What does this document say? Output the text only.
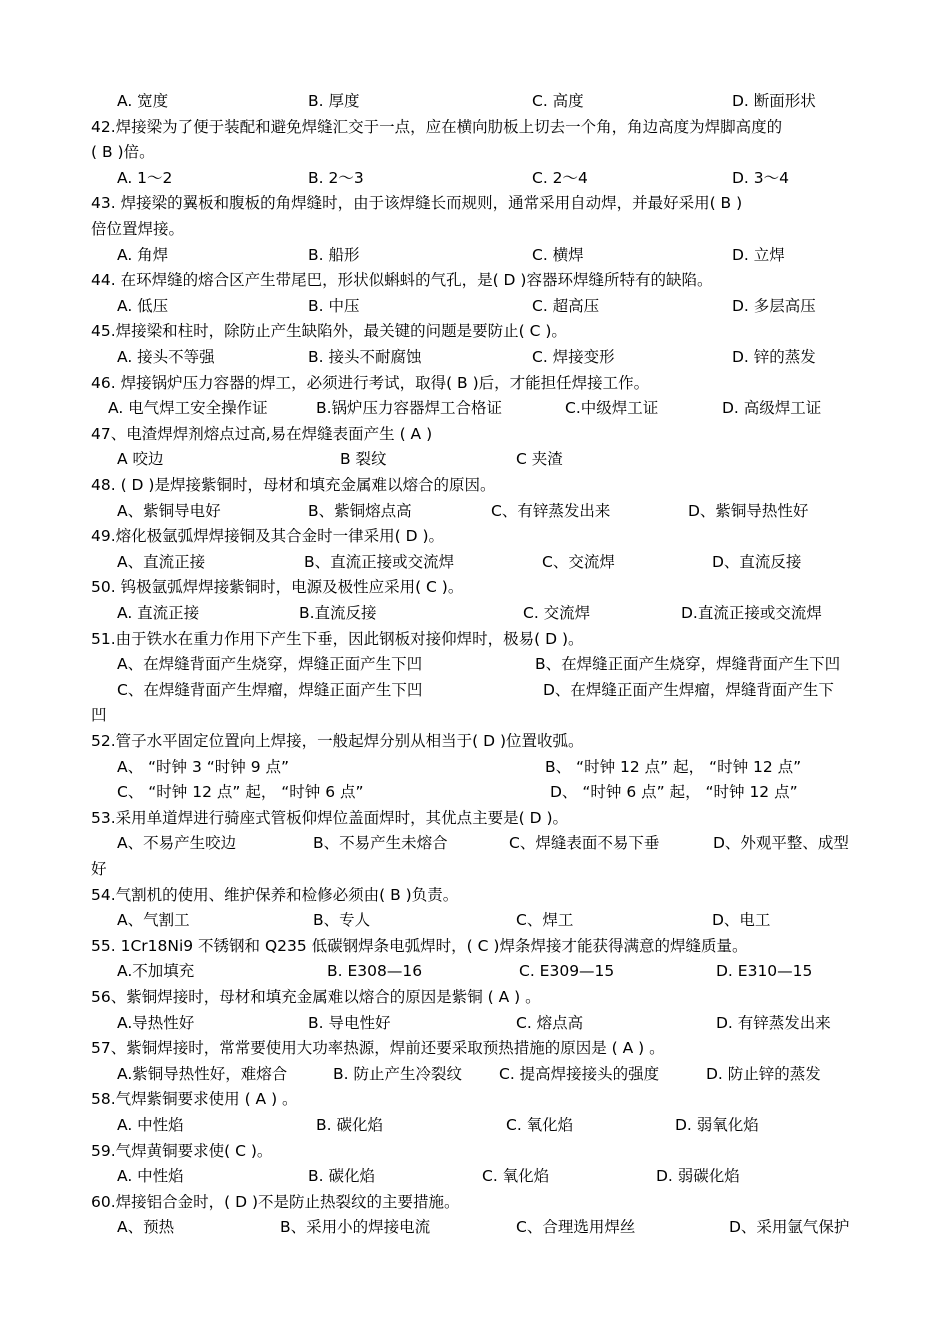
A. 宽度	B. 厚度	C. 高度	D. 断面形状
42.焊接梁为了便于装配和避免焊缝汇交于一点，应在横向肋板上切去一个角，角边高度为焊脚高度的
( B )倍。
A. 1～2	B. 2～3	C. 2～4	D. 3～4
43. 焊接梁的翼板和腹板的角焊缝时，由于该焊缝长而规则，通常采用自动焊，并最好采用( B )
倍位置焊接。
A. 角焊	B. 船形	C. 横焊	D. 立焊
44. 在环焊缝的熔合区产生带尾巴，形状似蝌蚪的气孔，是( D )容器环焊缝所特有的缺陷。
A. 低压	B. 中压	C. 超高压	D. 多层高压
45.焊接梁和柱时，除防止产生缺陷外，最关键的问题是要防止( C )。
A. 接头不等强	B. 接头不耐腐蚀	C. 焊接变形	D. 锌的蒸发
46. 焊接锅炉压力容器的焊工，必须进行考试，取得( B )后，才能担任焊接工作。
A. 电气焊工安全操作证	B.锅炉压力容器焊工合格证	C.中级焊工证	D. 高级焊工证
47、电渣焊焊剂熔点过高,易在焊缝表面产生 ( A )
A 咬边	B 裂纹	C 夹渣
48. ( D )是焊接紫铜时，母材和填充金属难以熔合的原因。
A、紫铜导电好	B、紫铜熔点高	C、有锌蒸发出来	D、紫铜导热性好
49.熔化极氩弧焊焊接铜及其合金时一律采用( D )。
A、直流正接	B、直流正接或交流焊	C、交流焊	D、直流反接
50. 钨极氩弧焊焊接紫铜时，电源及极性应采用( C )。
A. 直流正接	B.直流反接	C. 交流焊	D.直流正接或交流焊
51.由于铁水在重力作用下产生下垂，因此钢板对接仰焊时，极易( D )。
A、在焊缝背面产生烧穿，焊缝正面产生下凹	B、在焊缝正面产生烧穿，焊缝背面产生下凹
C、在焊缝背面产生焊瘤，焊缝正面产生下凹	D、在焊缝正面产生焊瘤，焊缝背面产生下
凹
52.管子水平固定位置向上焊接，一般起焊分别从相当于( D )位置收弧。
A、 “时钟 3 “时钟 9 点”	B、 “时钟 12 点” 起， “时钟 12 点”
C、 “时钟 12 点” 起， “时钟 6 点”	D、 “时钟 6 点” 起， “时钟 12 点”
53.采用单道焊进行骑座式管板仰焊位盖面焊时，其优点主要是( D )。
A、不易产生咬边	B、不易产生未熔合	C、焊缝表面不易下垂	D、外观平整、成型
好
54.气割机的使用、维护保养和检修必须由( B )负责。
A、气割工	B、专人	C、焊工	D、电工
55. 1Cr18Ni9 不锈钢和 Q235 低碳钢焊条电弧焊时，( C )焊条焊接才能获得满意的焊缝质量。
A.不加填充	B. E308—16	C. E309—15	D. E310—15
56、紫铜焊接时，母材和填充金属难以熔合的原因是紫铜 ( A ) 。
A.导热性好	B. 导电性好	C. 熔点高	D. 有锌蒸发出来
57、紫铜焊接时，常常要使用大功率热源，焊前还要采取预热措施的原因是 ( A ) 。
A.紫铜导热性好，难熔合	B. 防止产生冷裂纹 C. 提高焊接接头的强度	D. 防止锌的蒸发
58.气焊紫铜要求使用 ( A ) 。
A. 中性焰	B. 碳化焰	C. 氧化焰	D. 弱氧化焰
59.气焊黄铜要求使( C )。
A. 中性焰	B. 碳化焰	C. 氧化焰	D. 弱碳化焰
60.焊接铝合金时，( D )不是防止热裂纹的主要措施。
A、预热	B、采用小的焊接电流	C、合理选用焊丝	D、采用氩气保护
